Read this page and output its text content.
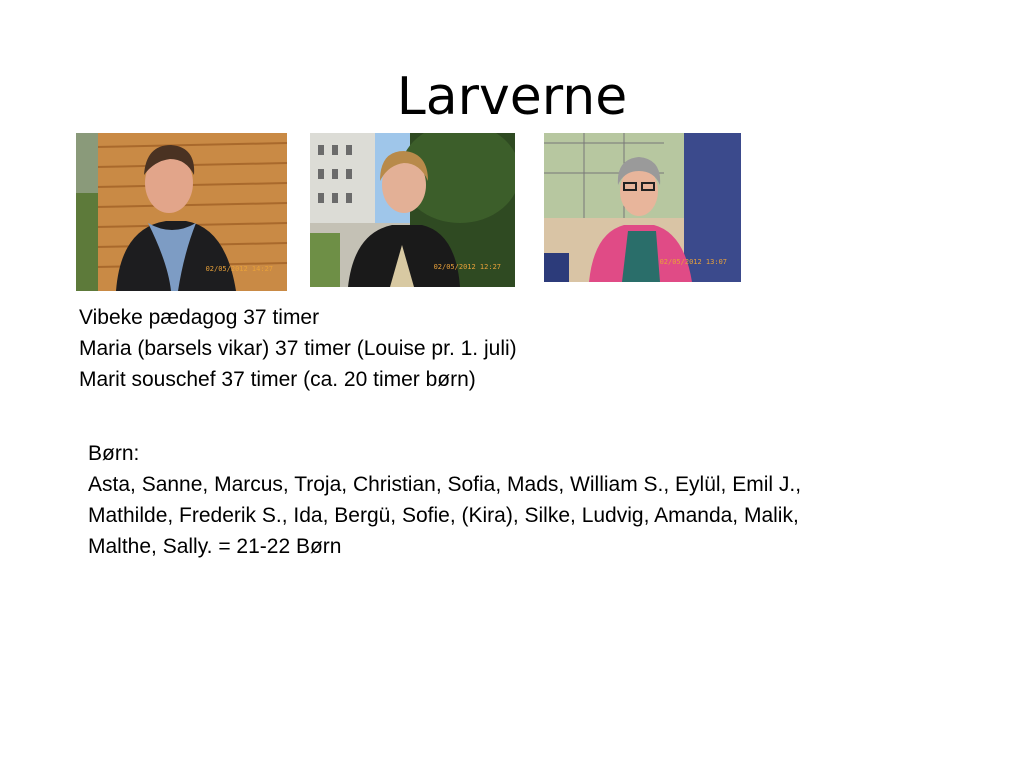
Larverne
02/05/2012 14:27	02/05/2012 12:27
02/05/2012 13:07
Vibeke pædagog 37 timer
Maria (barsels vikar) 37 timer (Louise pr. 1. juli)
Marit souschef 37 timer (ca. 20 timer børn)
Børn:
Asta, Sanne, Marcus, Troja, Christian, Sofia, Mads, William S., Eylül, Emil J.,
Mathilde, Frederik S., Ida, Bergü, Sofie, (Kira), Silke, Ludvig, Amanda, Malik,
Malthe, Sally. = 21-22 Børn
